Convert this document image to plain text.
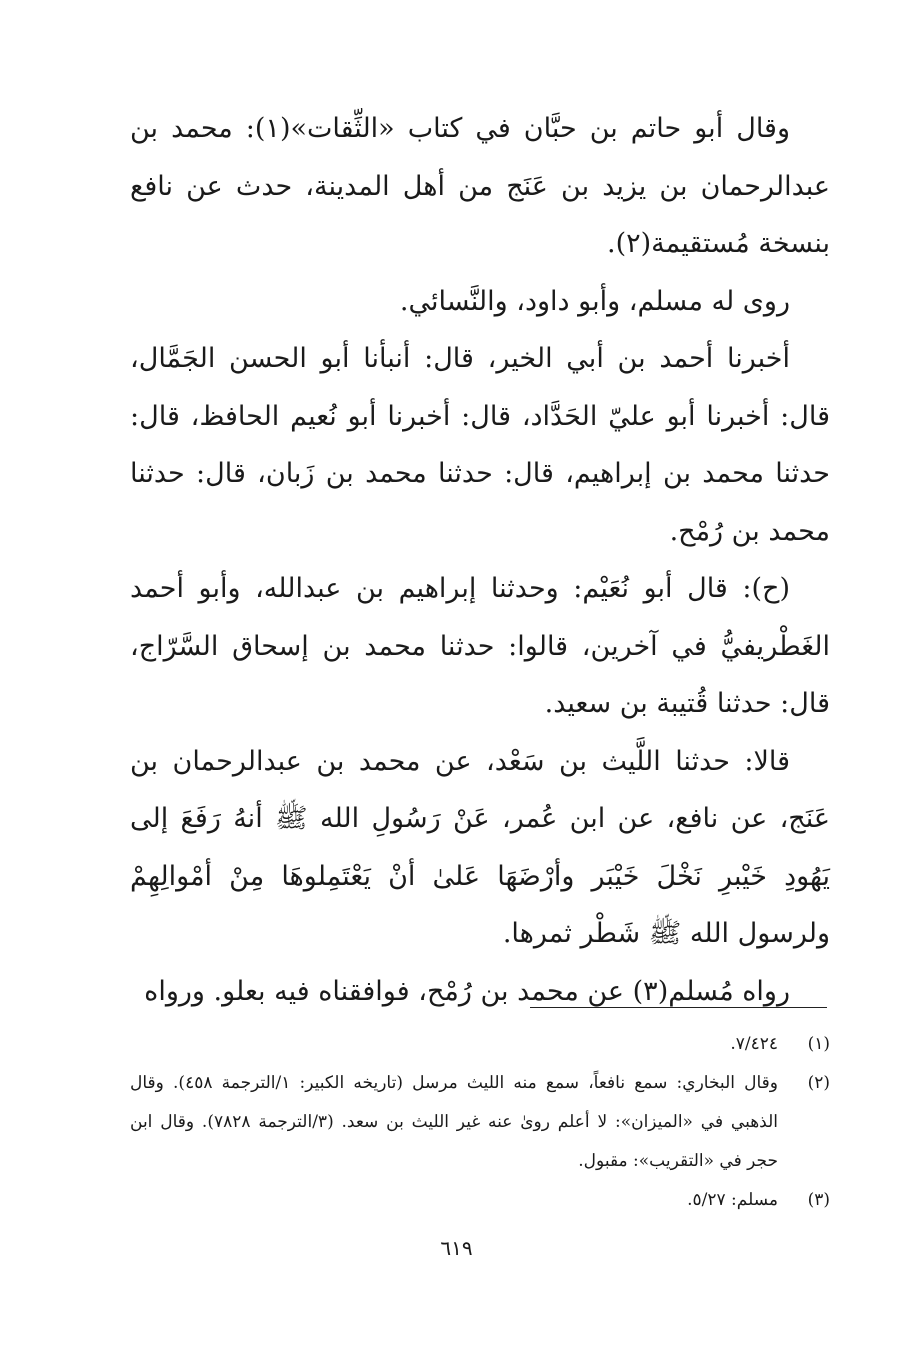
وقال أبو حاتم بن حبَّان في كتاب «الثِّقات»(١): محمد بن عبدالرحمان بن يزيد بن عَنَج من أهل المدينة، حدث عن نافع بنسخة مُستقيمة(٢).

روى له مسلم، وأبو داود، والنَّسائي.

أخبرنا أحمد بن أبي الخير، قال: أنبأنا أبو الحسن الجَمَّال، قال: أخبرنا أبو عليّ الحَدَّاد، قال: أخبرنا أبو نُعيم الحافظ، قال: حدثنا محمد بن إبراهيم، قال: حدثنا محمد بن زَبان، قال: حدثنا محمد بن رُمْح.

(ح): قال أبو نُعَيْم: وحدثنا إبراهيم بن عبدالله، وأبو أحمد الغَطْريفيُّ في آخرين، قالوا: حدثنا محمد بن إسحاق السَّرّاج، قال: حدثنا قُتيبة بن سعيد.

قالا: حدثنا اللَّيث بن سَعْد، عن محمد بن عبدالرحمان بن عَنَج، عن نافع، عن ابن عُمر، عَنْ رَسُولِ الله ﷺ أنهُ رَفَعَ إلى يَهُودِ خَيْبرِ نَخْلَ خَيْبَر وأرْضَهَا عَلىٰ أنْ يَعْتَمِلوهَا مِنْ أمْوالِهِمْ ولرسول الله ﷺ شَطْر ثمرها.

رواه مُسلم(٣) عن محمد بن رُمْح، فوافقناه فيه بعلو. ورواه

(١)
٧/٤٢٤.
(٢)
وقال البخاري: سمع نافعاً، سمع منه الليث مرسل (تاريخه الكبير: ١/الترجمة ٤٥٨). وقال الذهبي في «الميزان»: لا أعلم روىٰ عنه غير الليث بن سعد. (٣/الترجمة ٧٨٢٨). وقال ابن حجر في «التقريب»: مقبول.
(٣)
مسلم: ٥/٢٧.
٦١٩
